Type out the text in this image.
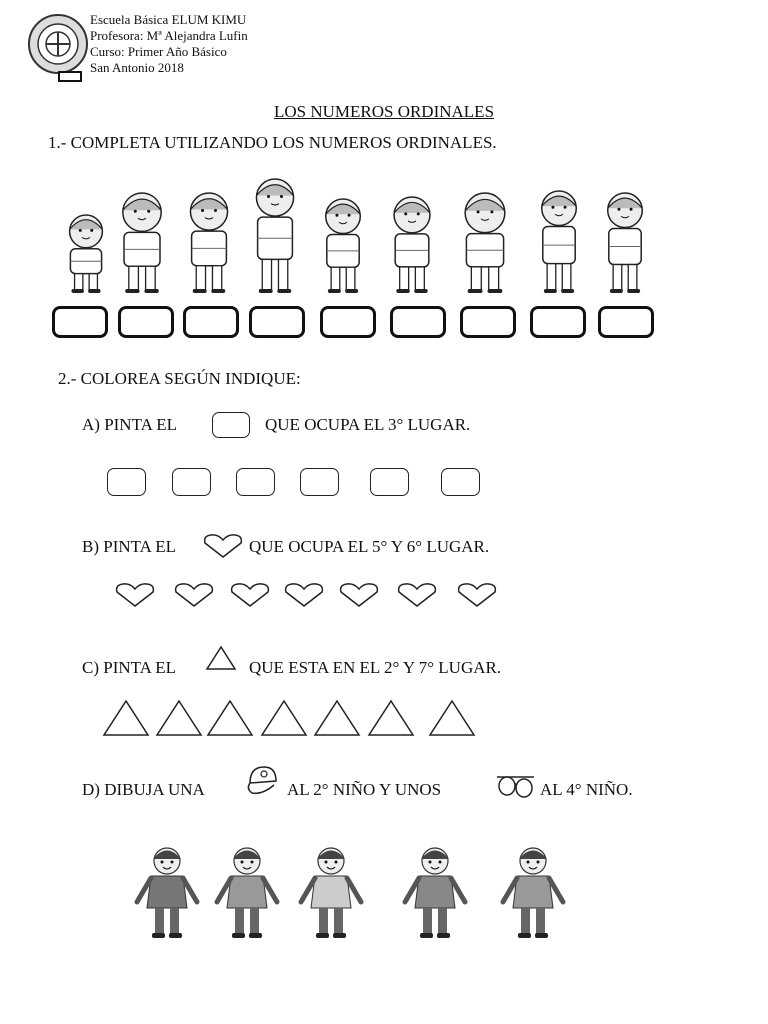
Escuela Básica ELUM KIMU
Profesora: Mª Alejandra Lufin
Curso: Primer Año Básico
San Antonio 2018
LOS NUMEROS ORDINALES
1.- COMPLETA UTILIZANDO LOS NUMEROS ORDINALES.
2.- COLOREA SEGÚN INDIQUE:
A) PINTA EL	QUE OCUPA EL 3° LUGAR.
B) PINTA EL	QUE OCUPA EL 5° Y 6° LUGAR.
C) PINTA EL	QUE ESTA EN EL 2° Y 7° LUGAR.
D) DIBUJA UNA	AL 2° NIÑO Y UNOS	AL 4° NIÑO.
